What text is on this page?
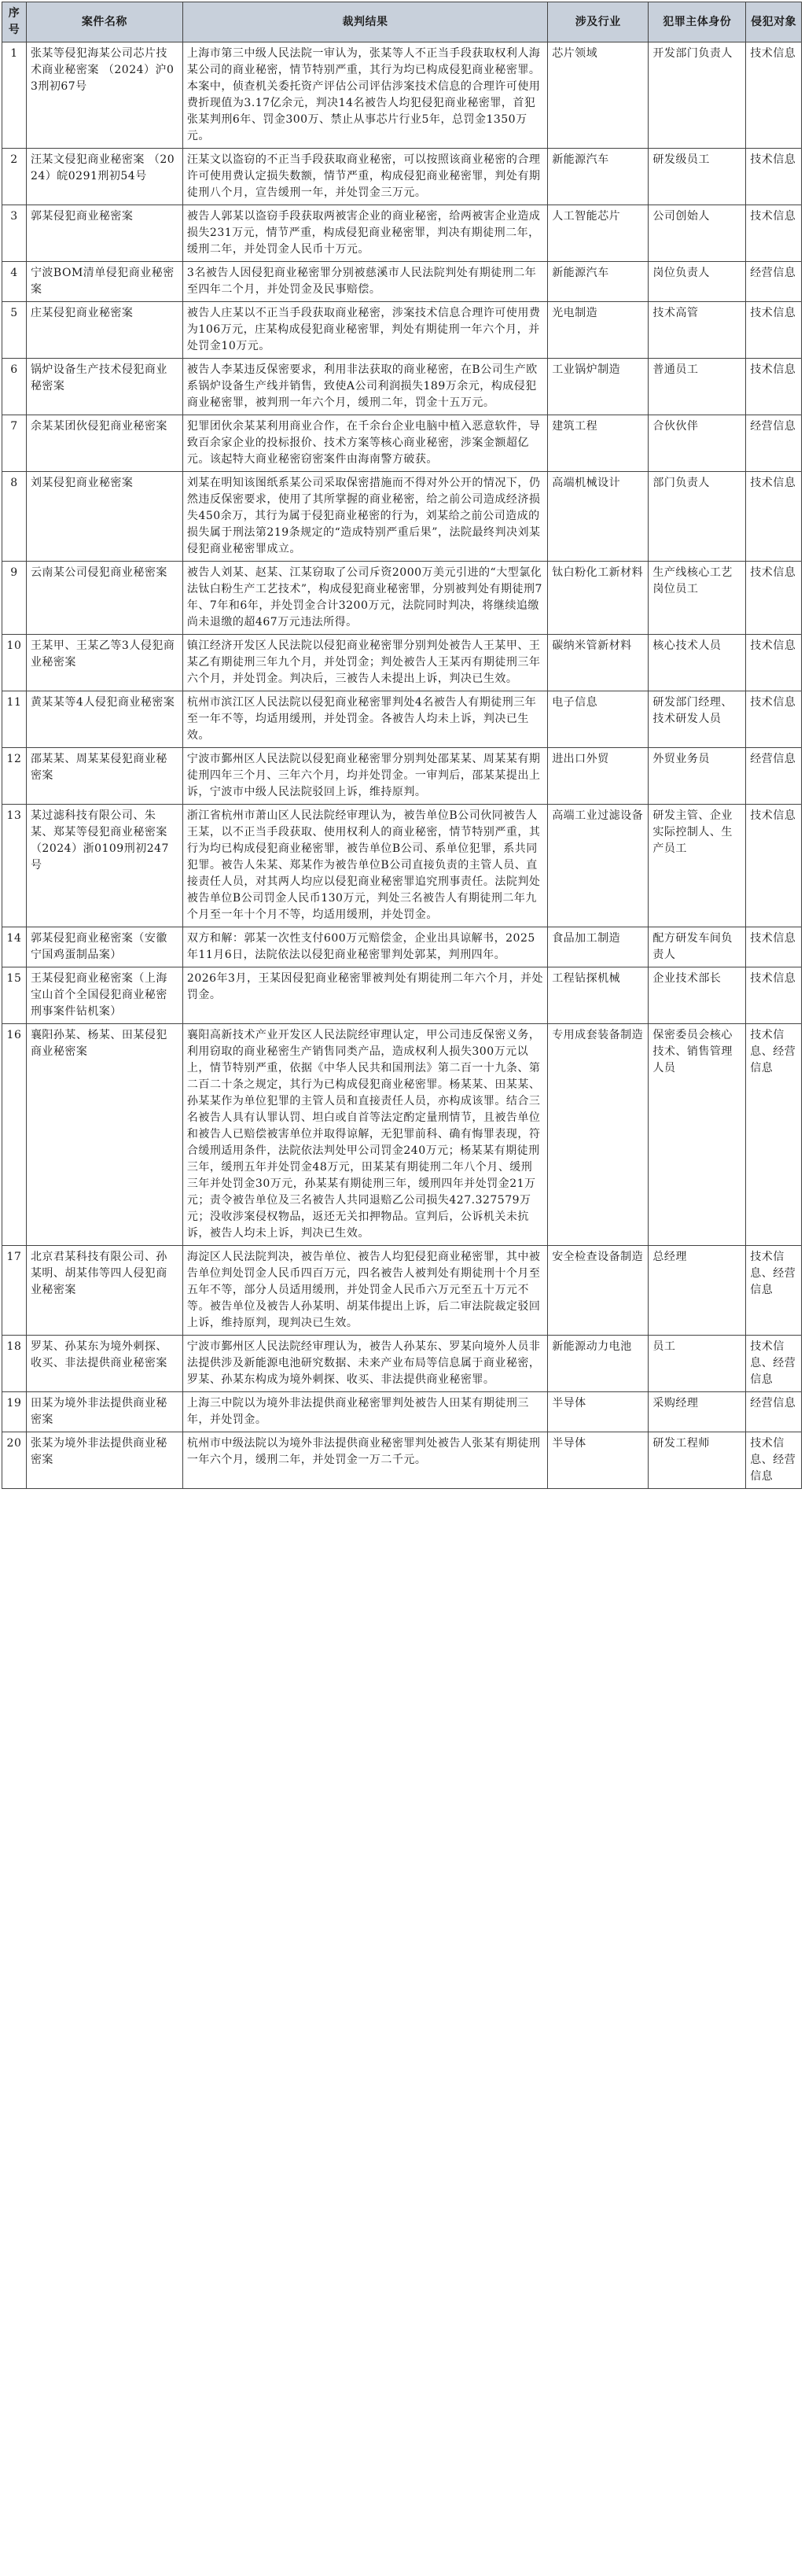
序号	案件名称	裁判结果	涉及行业	犯罪主体身份	侵犯对象
1	张某等侵犯海某公司芯片技术商业秘密案 （2024）沪03刑初67号	上海市第三中级人民法院一审认为，张某等人不正当手段获取权利人海某公司的商业秘密，情节特别严重，其行为均已构成侵犯商业秘密罪。本案中，侦查机关委托资产评估公司评估涉案技术信息的合理许可使用费折现值为3.17亿余元，判决14名被告人均犯侵犯商业秘密罪，首犯张某判刑6年、罚金300万、禁止从事芯片行业5年，总罚金1350万元。	芯片领域	开发部门负责人	技术信息
2	汪某文侵犯商业秘密案 （2024）皖0291刑初54号	汪某文以盗窃的不正当手段获取商业秘密，可以按照该商业秘密的合理许可使用费认定损失数额，情节严重，构成侵犯商业秘密罪，判处有期徒刑八个月，宣告缓刑一年，并处罚金三万元。	新能源汽车	研发级员工	技术信息
3	郭某侵犯商业秘密案	被告人郭某以盗窃手段获取两被害企业的商业秘密，给两被害企业造成损失231万元，情节严重，构成侵犯商业秘密罪，判决有期徒刑二年，缓刑二年，并处罚金人民币十万元。	人工智能芯片	公司创始人	技术信息
4	宁波BOM清单侵犯商业秘密案	3名被告人因侵犯商业秘密罪分别被慈溪市人民法院判处有期徒刑二年至四年二个月，并处罚金及民事赔偿。	新能源汽车	岗位负责人	经营信息
5	庄某侵犯商业秘密案	被告人庄某以不正当手段获取商业秘密，涉案技术信息合理许可使用费为106万元，庄某构成侵犯商业秘密罪，判处有期徒刑一年六个月，并处罚金10万元。	光电制造	技术高管	技术信息
6	锅炉设备生产技术侵犯商业秘密案	被告人李某违反保密要求，利用非法获取的商业秘密，在B公司生产欧系锅炉设备生产线并销售，致使A公司利润损失189万余元，构成侵犯商业秘密罪，被判刑一年六个月，缓刑二年，罚金十五万元。	工业锅炉制造	普通员工	技术信息
7	余某某团伙侵犯商业秘密案	犯罪团伙余某某利用商业合作，在千余台企业电脑中植入恶意软件，导致百余家企业的投标报价、技术方案等核心商业秘密，涉案金额超亿元。该起特大商业秘密窃密案件由海南警方破获。	建筑工程	合伙伙伴	经营信息
8	刘某侵犯商业秘密案	刘某在明知该图纸系某公司采取保密措施而不得对外公开的情况下，仍然违反保密要求，使用了其所掌握的商业秘密，给之前公司造成经济损失450余万，其行为属于侵犯商业秘密的行为，刘某给之前公司造成的损失属于刑法第219条规定的“造成特别严重后果”，法院最终判决刘某侵犯商业秘密罪成立。	高端机械设计	部门负责人	技术信息
9	云南某公司侵犯商业秘密案	被告人刘某、赵某、江某窃取了公司斥资2000万美元引进的“大型氯化法钛白粉生产工艺技术”，构成侵犯商业秘密罪，分别被判处有期徒刑7年、7年和6年，并处罚金合计3200万元，法院同时判决，将继续追缴尚未退缴的超467万元违法所得。	钛白粉化工新材料	生产线核心工艺岗位员工	技术信息
10	王某甲、王某乙等3人侵犯商业秘密案	镇江经济开发区人民法院以侵犯商业秘密罪分别判处被告人王某甲、王某乙有期徒刑三年九个月，并处罚金；判处被告人王某丙有期徒刑三年六个月，并处罚金。判决后，三被告人未提出上诉，判决已生效。	碳纳米管新材料	核心技术人员	技术信息
11	黄某某等4人侵犯商业秘密案	杭州市滨江区人民法院以侵犯商业秘密罪判处4名被告人有期徒刑三年至一年不等，均适用缓刑，并处罚金。各被告人均未上诉，判决已生效。	电子信息	研发部门经理、技术研发人员	技术信息
12	邵某某、周某某侵犯商业秘密案	宁波市鄞州区人民法院以侵犯商业秘密罪分别判处邵某某、周某某有期徒刑四年三个月、三年六个月，均并处罚金。一审判后，邵某某提出上诉，宁波市中级人民法院驳回上诉，维持原判。	进出口外贸	外贸业务员	经营信息
13	某过滤科技有限公司、朱某、郑某等侵犯商业秘密案 （2024）浙0109刑初247号	浙江省杭州市萧山区人民法院经审理认为，被告单位B公司伙同被告人王某，以不正当手段获取、使用权利人的商业秘密，情节特别严重，其行为均已构成侵犯商业秘密罪，被告单位B公司、系单位犯罪，系共同犯罪。被告人朱某、郑某作为被告单位B公司直接负责的主管人员、直接责任人员，对其两人均应以侵犯商业秘密罪追究刑事责任。法院判处被告单位B公司罚金人民币130万元，判处三名被告人有期徒刑二年九个月至一年十个月不等，均适用缓刑，并处罚金。	高端工业过滤设备	研发主管、企业实际控制人、生产员工	技术信息
14	郭某侵犯商业秘密案（安徽宁国鸡蛋制品案）	双方和解：郭某一次性支付600万元赔偿金，企业出具谅解书，2025年11月6日，法院依法以侵犯商业秘密罪判处郭某，判刑四年。	食品加工制造	配方研发车间负责人	技术信息
15	王某侵犯商业秘密案（上海宝山首个全国侵犯商业秘密刑事案件钻机案）	2026年3月，王某因侵犯商业秘密罪被判处有期徒刑二年六个月，并处罚金。	工程钻探机械	企业技术部长	技术信息
16	襄阳孙某、杨某、田某侵犯商业秘密案	襄阳高新技术产业开发区人民法院经审理认定，甲公司违反保密义务，利用窃取的商业秘密生产销售同类产品，造成权利人损失300万元以上，情节特别严重，依据《中华人民共和国刑法》第二百一十九条、第二百二十条之规定，其行为已构成侵犯商业秘密罪。杨某某、田某某、孙某某作为单位犯罪的主管人员和直接责任人员，亦构成该罪。结合三名被告人具有认罪认罚、坦白或自首等法定酌定量刑情节，且被告单位和被告人已赔偿被害单位并取得谅解，无犯罪前科、确有悔罪表现，符合缓刑适用条件，法院依法判处甲公司罚金240万元；杨某某有期徒刑三年，缓刑五年并处罚金48万元，田某某有期徒刑二年八个月、缓刑三年并处罚金30万元，孙某某有期徒刑三年，缓刑四年并处罚金21万元；责令被告单位及三名被告人共同退赔乙公司损失427.327579万元；没收涉案侵权物品，返还无关扣押物品。宣判后，公诉机关未抗诉，被告人均未上诉，判决已生效。	专用成套装备制造	保密委员会核心技术、销售管理人员	技术信息、经营信息
17	北京君某科技有限公司、孙某明、胡某伟等四人侵犯商业秘密案	海淀区人民法院判决，被告单位、被告人均犯侵犯商业秘密罪，其中被告单位判处罚金人民币四百万元，四名被告人被判处有期徒刑十个月至五年不等，部分人员适用缓刑，并处罚金人民币六万元至五十万元不等。被告单位及被告人孙某明、胡某伟提出上诉，后二审法院裁定驳回上诉，维持原判，现判决已生效。	安全检查设备制造	总经理	技术信息、经营信息
18	罗某、孙某东为境外刺探、收买、非法提供商业秘密案	宁波市鄞州区人民法院经审理认为，被告人孙某东、罗某向境外人员非法提供涉及新能源电池研究数据、未来产业布局等信息属于商业秘密，罗某、孙某东构成为境外刺探、收买、非法提供商业秘密罪。	新能源动力电池	员工	技术信息、经营信息
19	田某为境外非法提供商业秘密案	上海三中院以为境外非法提供商业秘密罪判处被告人田某有期徒刑三年，并处罚金。	半导体	采购经理	经营信息
20	张某为境外非法提供商业秘密案	杭州市中级法院以为境外非法提供商业秘密罪判处被告人张某有期徒刑一年六个月，缓刑二年，并处罚金一万二千元。	半导体	研发工程师	技术信息、经营信息
